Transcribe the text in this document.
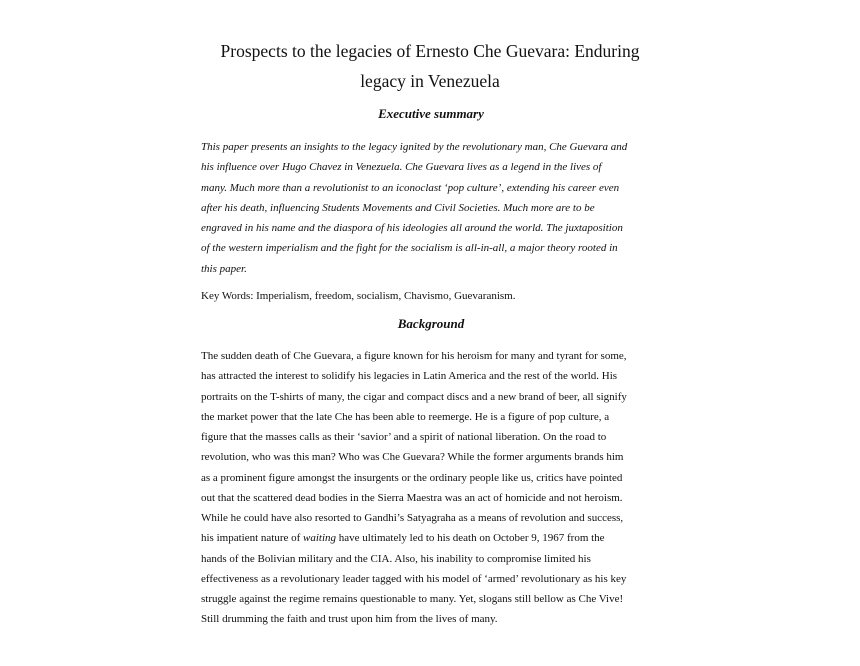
Prospects to the legacies of Ernesto Che Guevara: Enduring
legacy in Venezuela
Executive summary
This paper presents an insights to the legacy ignited by the revolutionary man, Che Guevara and
his influence over Hugo Chavez in Venezuela. Che Guevara lives as a legend in the lives of
many. Much more than a revolutionist to an iconoclast ‘pop culture’, extending his career even
after his death, influencing Students Movements and Civil Societies. Much more are to be
engraved in his name and the diaspora of his ideologies all around the world. The juxtaposition
of the western imperialism and the fight for the socialism is all-in-all, a major theory rooted in
this paper.
Key Words: Imperialism, freedom, socialism, Chavismo, Guevaranism.
Background
The sudden death of Che Guevara, a figure known for his heroism for many and tyrant for some,
has attracted the interest to solidify his legacies in Latin America and the rest of the world. His
portraits on the T-shirts of many, the cigar and compact discs and a new brand of beer, all signify
the market power that the late Che has been able to reemerge. He is a figure of pop culture, a
figure that the masses calls as their ‘savior’ and a spirit of national liberation. On the road to
revolution, who was this man? Who was Che Guevara? While the former arguments brands him
as a prominent figure amongst the insurgents or the ordinary people like us, critics have pointed
out that the scattered dead bodies in the Sierra Maestra was an act of homicide and not heroism.
While he could have also resorted to Gandhi’s Satyagraha as a means of revolution and success,
his impatient nature of waiting have ultimately led to his death on October 9, 1967 from the
hands of the Bolivian military and the CIA. Also, his inability to compromise limited his
effectiveness as a revolutionary leader tagged with his model of ‘armed’ revolutionary as his key
struggle against the regime remains questionable to many. Yet, slogans still bellow as Che Vive!
Still drumming the faith and trust upon him from the lives of many.
